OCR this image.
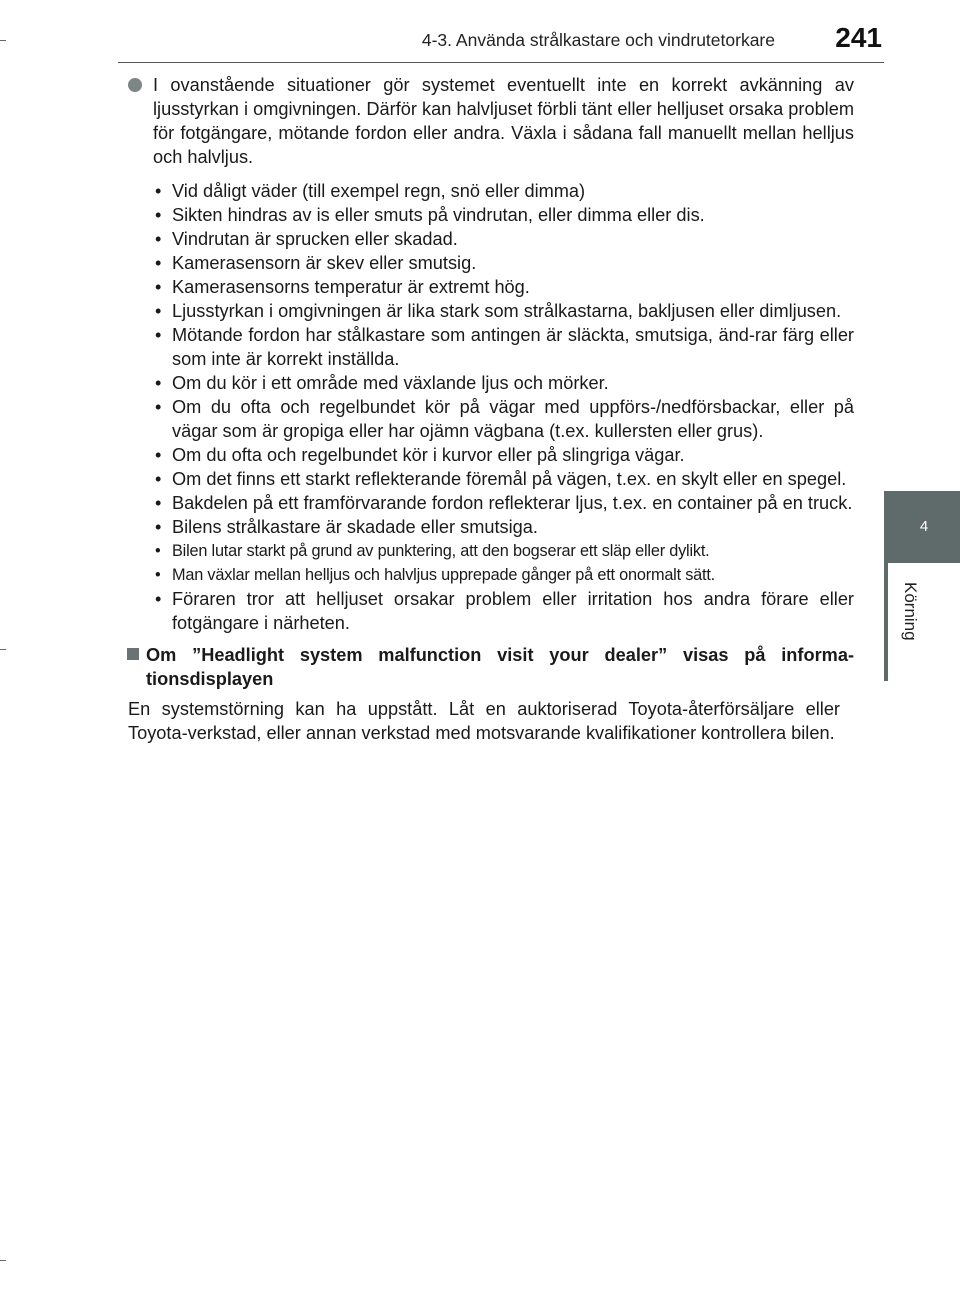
4-3. Använda strålkastare och vindrutetorkare 241
4
Körning
I ovanstående situationer gör systemet eventuellt inte en korrekt avkänning av ljusstyrkan i omgivningen. Därför kan halvljuset förbli tänt eller helljuset orsaka problem för fotgängare, mötande fordon eller andra. Växla i sådana fall manuellt mellan helljus och halvljus.
• Vid dåligt väder (till exempel regn, snö eller dimma)
• Sikten hindras av is eller smuts på vindrutan, eller dimma eller dis.
• Vindrutan är sprucken eller skadad.
• Kamerasensorn är skev eller smutsig.
• Kamerasensorns temperatur är extremt hög.
• Ljusstyrkan i omgivningen är lika stark som strålkastarna, bakljusen eller dimljusen.
• Mötande fordon har stålkastare som antingen är släckta, smutsiga, änd-rar färg eller som inte är korrekt inställda.
• Om du kör i ett område med växlande ljus och mörker.
• Om du ofta och regelbundet kör på vägar med uppförs-/nedförsbackar, eller på vägar som är gropiga eller har ojämn vägbana (t.ex. kullersten eller grus).
• Om du ofta och regelbundet kör i kurvor eller på slingriga vägar.
• Om det finns ett starkt reflekterande föremål på vägen, t.ex. en skylt eller en spegel.
• Bakdelen på ett framförvarande fordon reflekterar ljus, t.ex. en container på en truck.
• Bilens strålkastare är skadade eller smutsiga.
• Bilen lutar starkt på grund av punktering, att den bogserar ett släp eller dylikt.
• Man växlar mellan helljus och halvljus upprepade gånger på ett onormalt sätt.
• Föraren tror att helljuset orsakar problem eller irritation hos andra förare eller fotgängare i närheten.
Om ”Headlight system malfunction visit your dealer” visas på informa-tionsdisplayen
En systemstörning kan ha uppstått. Låt en auktoriserad Toyota-återförsäljare eller Toyota-verkstad, eller annan verkstad med motsvarande kvalifikationer kontrollera bilen.
